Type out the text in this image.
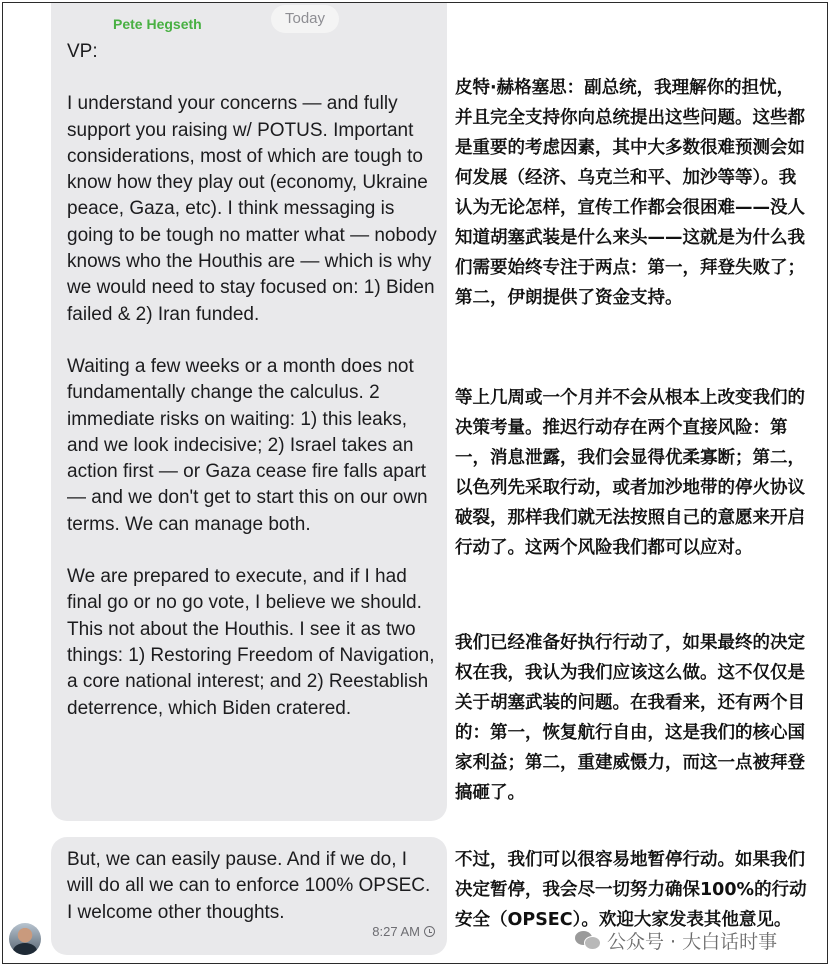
Pete Hegseth	Today

VP:

I understand your concerns — and fully support you raising w/ POTUS. Important considerations, most of which are tough to know how they play out (economy, Ukraine peace, Gaza, etc). I think messaging is going to be tough no matter what — nobody knows who the Houthis are — which is why we would need to stay focused on: 1) Biden failed & 2) Iran funded.

Waiting a few weeks or a month does not fundamentally change the calculus. 2 immediate risks on waiting: 1) this leaks, and we look indecisive; 2) Israel takes an action first — or Gaza cease fire falls apart — and we don't get to start this on our own terms. We can manage both.

We are prepared to execute, and if I had final go or no go vote, I believe we should. This not about the Houthis. I see it as two things: 1) Restoring Freedom of Navigation, a core national interest; and 2) Reestablish deterrence, which Biden cratered.

But, we can easily pause. And if we do, I will do all we can to enforce 100% OPSEC. I welcome other thoughts.

8:27 AM
皮特·赫格塞思：副总统，我理解你的担忧，并且完全支持你向总统提出这些问题。这些都是重要的考虑因素，其中大多数很难预测会如何发展（经济、乌克兰和平、加沙等等）。我认为无论怎样，宣传工作都会很困难——没人知道胡塞武装是什么来头——这就是为什么我们需要始终专注于两点：第一，拜登失败了；第二，伊朗提供了资金支持。
等上几周或一个月并不会从根本上改变我们的决策考量。推迟行动存在两个直接风险：第一，消息泄露，我们会显得优柔寡断；第二，以色列先采取行动，或者加沙地带的停火协议破裂，那样我们就无法按照自己的意愿来开启行动了。这两个风险我们都可以应对。
我们已经准备好执行行动了，如果最终的决定权在我，我认为我们应该这么做。这不仅仅是关于胡塞武装的问题。在我看来，还有两个目的：第一，恢复航行自由，这是我们的核心国家利益；第二，重建威慑力，而这一点被拜登搞砸了。
不过，我们可以很容易地暂停行动。如果我们决定暂停，我会尽一切努力确保100%的行动安全（OPSEC）。欢迎大家发表其他意见。
公众号 · 大白话时事
